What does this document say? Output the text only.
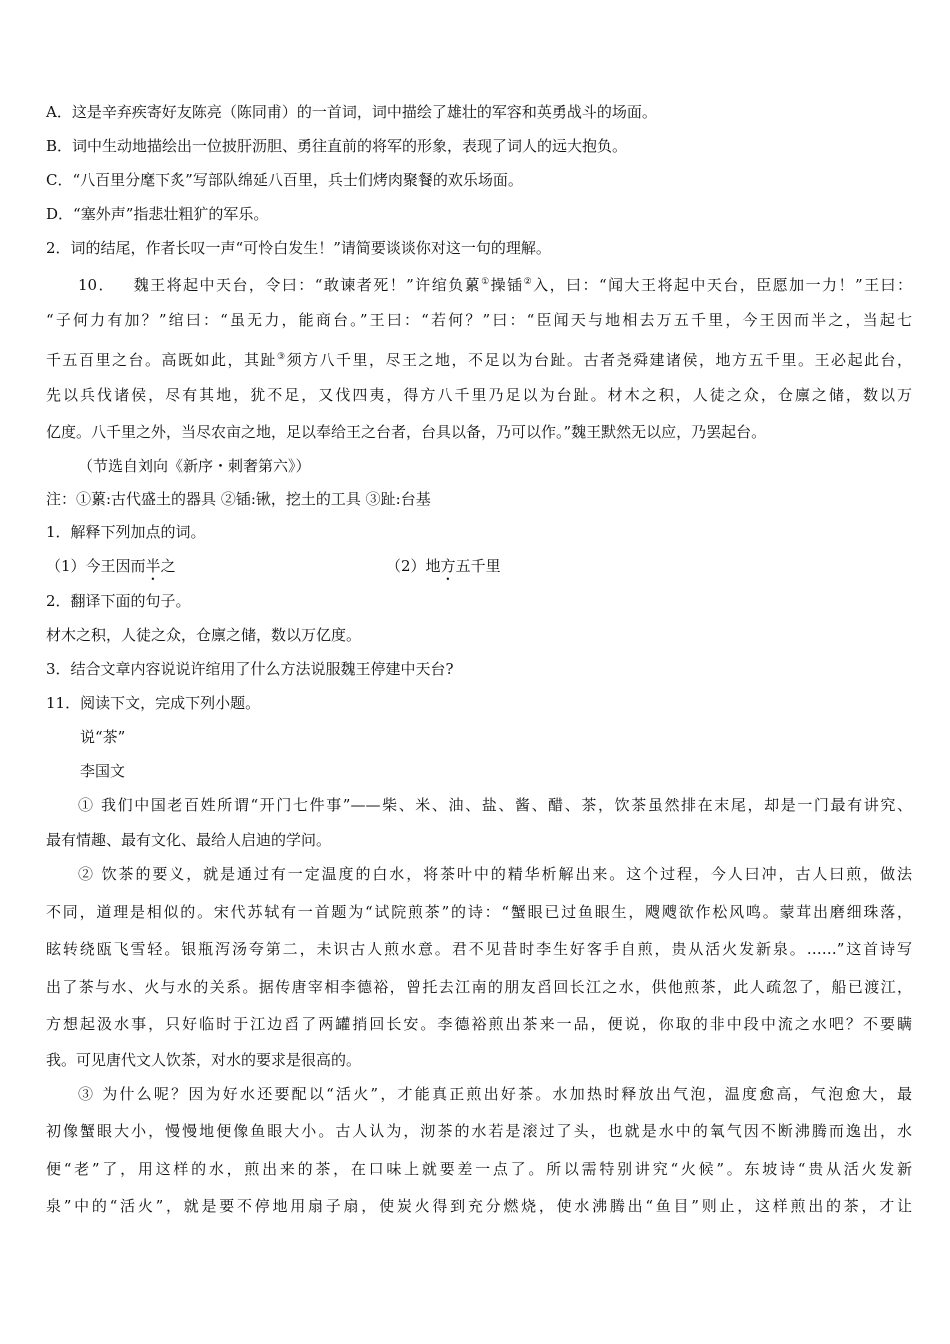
A．这是辛弃疾寄好友陈亮（陈同甫）的一首词，词中描绘了雄壮的军容和英勇战斗的场面。
B．词中生动地描绘出一位披肝沥胆、勇往直前的将军的形象，表现了词人的远大抱负。
C．“八百里分麾下炙”写部队绵延八百里，兵士们烤肉聚餐的欢乐场面。
D．“塞外声”指悲壮粗犷的军乐。
2．词的结尾，作者长叹一声“可怜白发生！”请简要谈谈你对这一句的理解。
10． 魏王将起中天台，令曰：“敢谏者死！”许绾负蔂①操锸②入，曰：“闻大王将起中天台，臣愿加一力！”王曰：
“子何力有加？”绾曰：“虽无力，能商台。”王曰：“若何？”曰：“臣闻天与地相去万五千里，今王因而半之，当起七
千五百里之台。高既如此，其趾③须方八千里，尽王之地，不足以为台趾。古者尧舜建诸侯，地方五千里。王必起此台，
先以兵伐诸侯，尽有其地，犹不足，又伐四夷，得方八千里乃足以为台趾。材木之积，人徒之众，仓廪之储，数以万
亿度。八千里之外，当尽农亩之地，足以奉给王之台者，台具以备，乃可以作。”魏王默然无以应，乃罢起台。
（节选自刘向《新序・刺奢第六》）
注：①蔂:古代盛土的器具 ②锸:锹，挖土的工具 ③趾:台基
1．解释下列加点的词。
（1）今王因而半之	（2）地方五千里
2．翻译下面的句子。
材木之积，人徒之众，仓廪之储，数以万亿度。
3．结合文章内容说说许绾用了什么方法说服魏王停建中天台?
11．阅读下文，完成下列小题。
说“茶”
李国文
① 我们中国老百姓所谓“开门七件事”——柴、米、油、盐、酱、醋、茶，饮茶虽然排在末尾，却是一门最有讲究、
最有情趣、最有文化、最给人启迪的学问。
② 饮茶的要义，就是通过有一定温度的白水，将茶叶中的精华析解出来。这个过程，今人曰冲，古人曰煎，做法
不同，道理是相似的。宋代苏轼有一首题为“试院煎茶”的诗：“蟹眼已过鱼眼生，飕飕欲作松风鸣。蒙茸出磨细珠落，
眩转绕瓯飞雪轻。银瓶泻汤夸第二，未识古人煎水意。君不见昔时李生好客手自煎，贵从活火发新泉。……”这首诗写
出了茶与水、火与水的关系。据传唐宰相李德裕，曾托去江南的朋友舀回长江之水，供他煎茶，此人疏忽了，船已渡江，
方想起汲水事，只好临时于江边舀了两罐捎回长安。李德裕煎出茶来一品，便说，你取的非中段中流之水吧？不要瞒
我。可见唐代文人饮茶，对水的要求是很高的。
③ 为什么呢？因为好水还要配以“活火”，才能真正煎出好茶。水加热时释放出气泡，温度愈高，气泡愈大，最
初像蟹眼大小，慢慢地便像鱼眼大小。古人认为，沏茶的水若是滚过了头，也就是水中的氧气因不断沸腾而逸出，水
便“老”了，用这样的水，煎出来的茶，在口味上就要差一点了。所以需特别讲究“火候”。东坡诗“贵从活火发新
泉”中的“活火”，就是要不停地用扇子扇，使炭火得到充分燃烧，使水沸腾出“鱼目”则止，这样煎出的茶，才让
